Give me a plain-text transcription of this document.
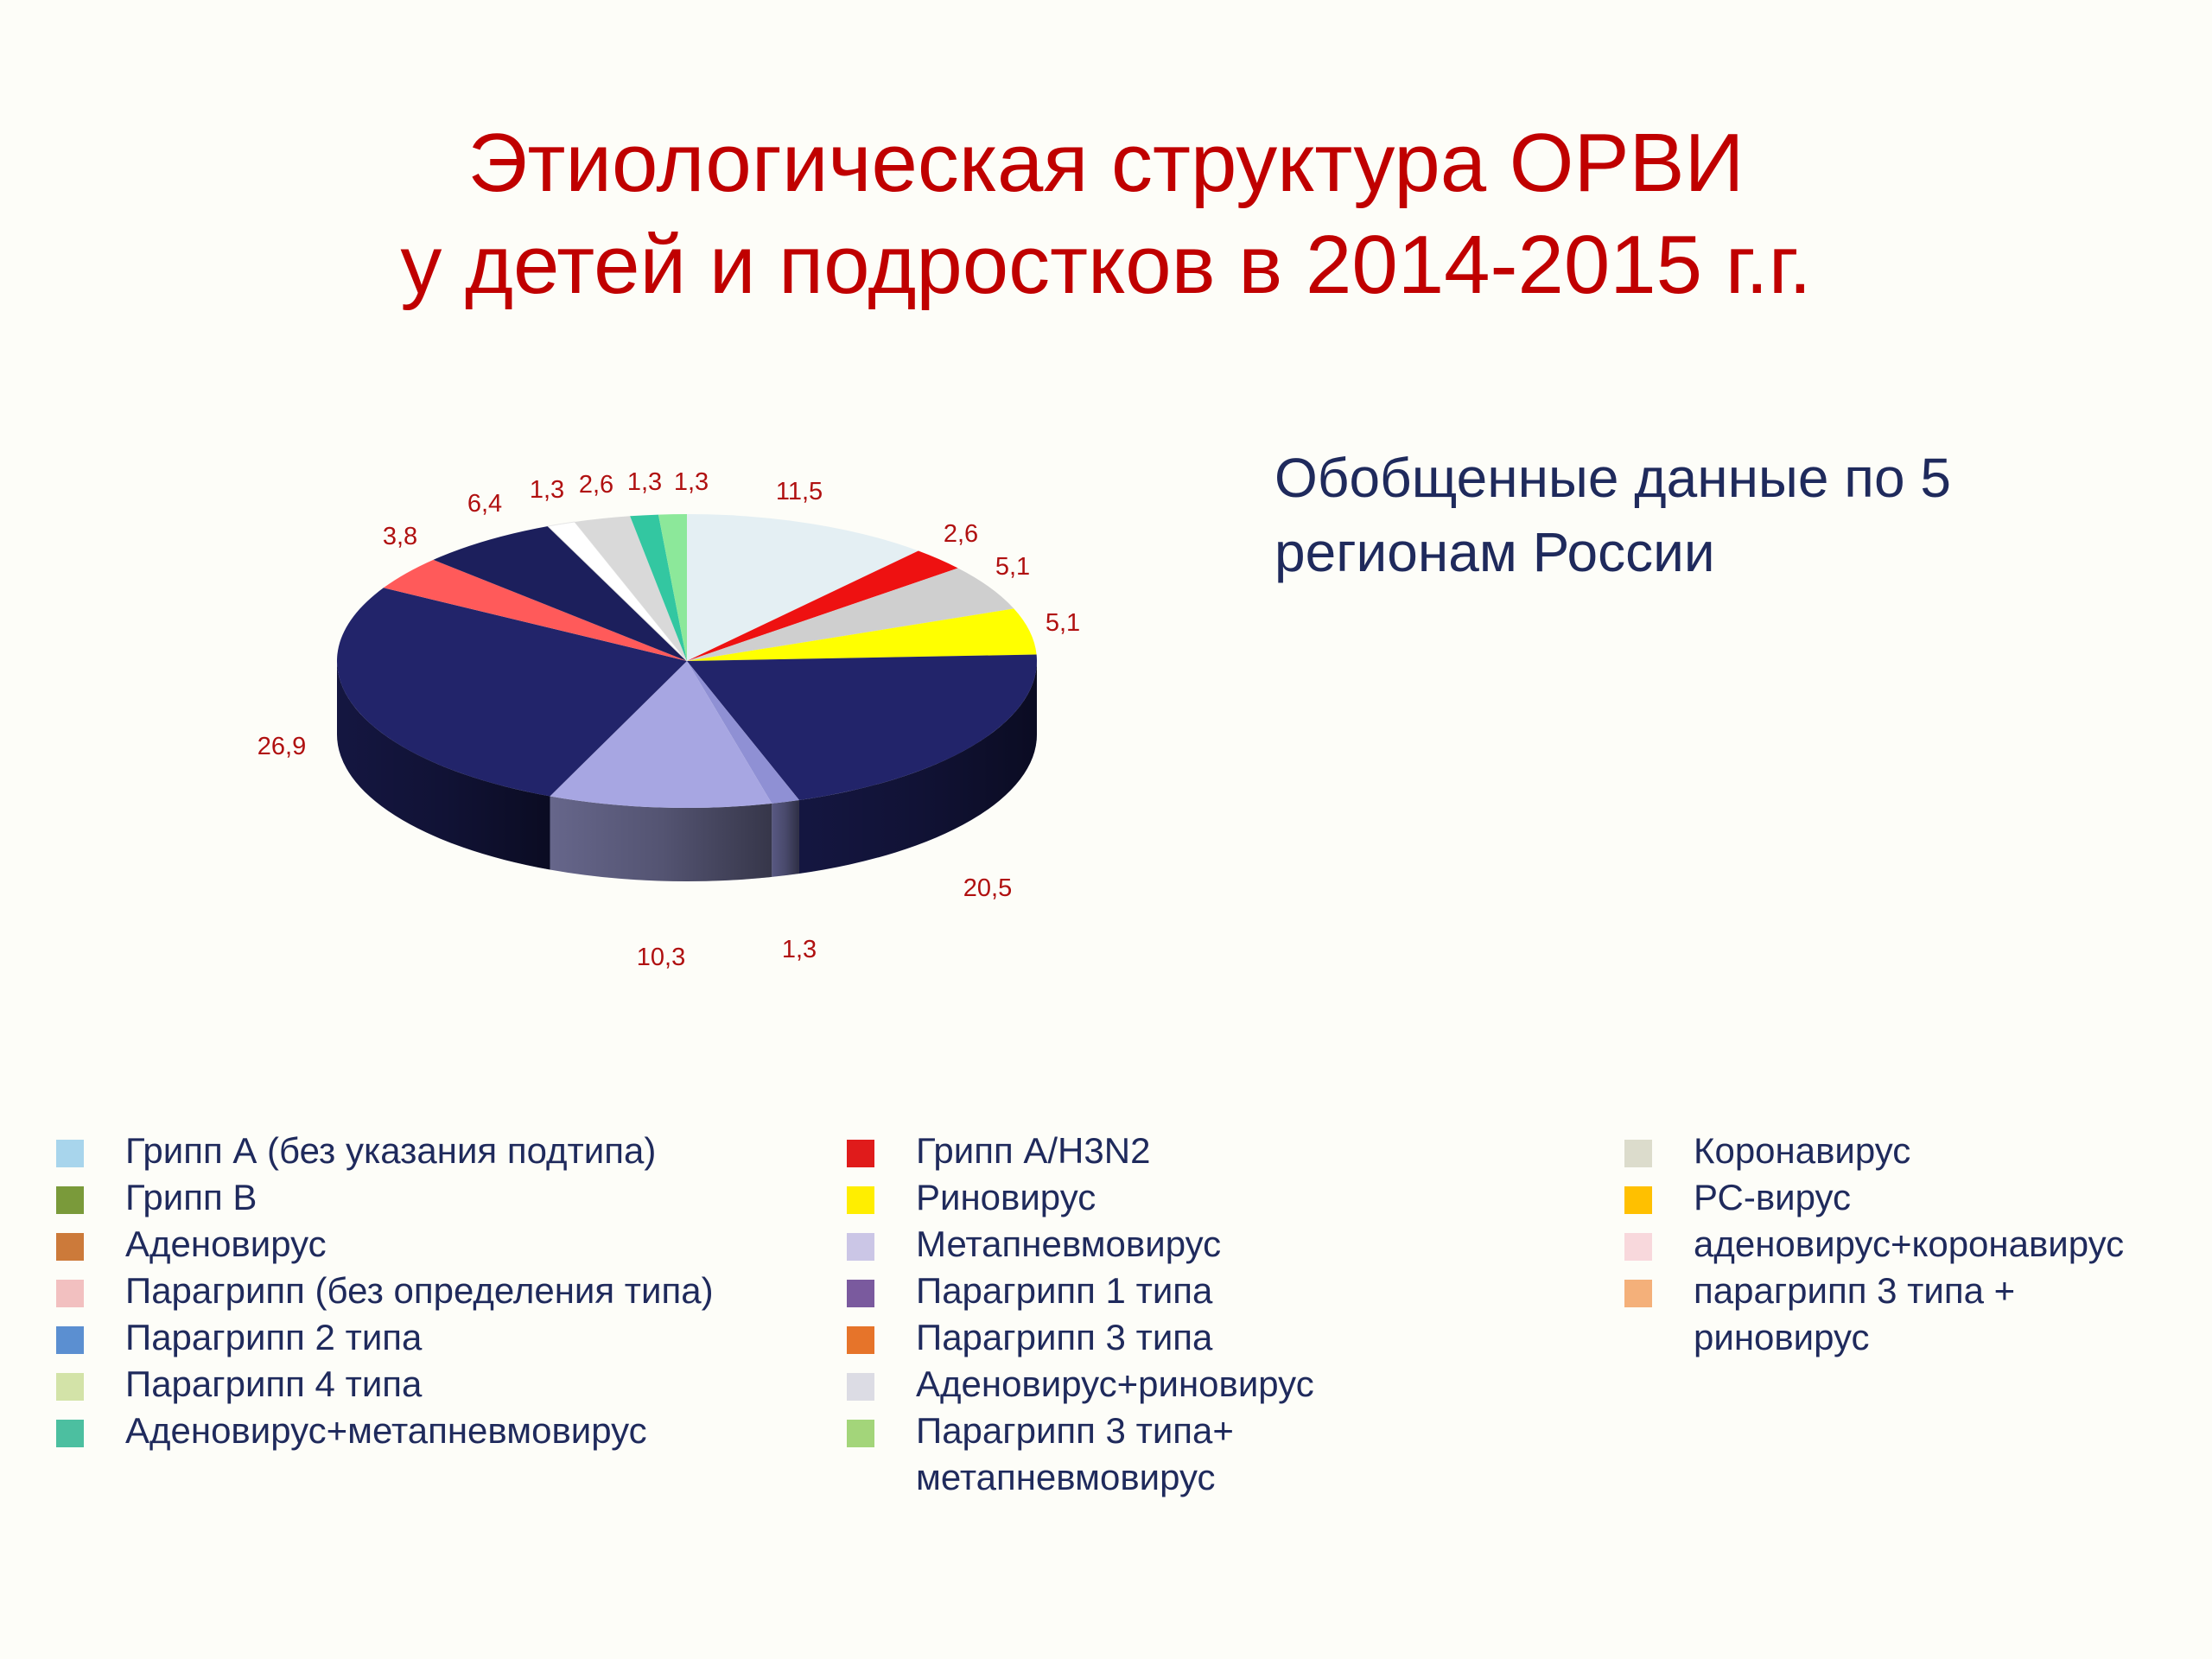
Этиологическая структура ОРВИ
у детей и подростков в 2014-2015 г.г.
Обобщенные данные по 5
регионам России
11,5
2,6
5,1
5,1
20,5
1,3
10,3
26,9
3,8
6,4 1,3 2,6 1,3 1,3
Грипп А (без указания подтипа)
Грипп В
Аденовирус
Парагрипп (без определения типа)
Парагрипп 2 типа
Парагрипп 4 типа
Аденовирус+метапневмовирус
Грипп А/H3N2
Риновирус
Метапневмовирус
Парагрипп 1 типа
Парагрипп 3 типа
Аденовирус+риновирус
Парагрипп 3 типа+
метапневмовирус
Коронавирус
РС-вирус
аденовирус+коронавирус
парагрипп 3 типа +
риновирус
